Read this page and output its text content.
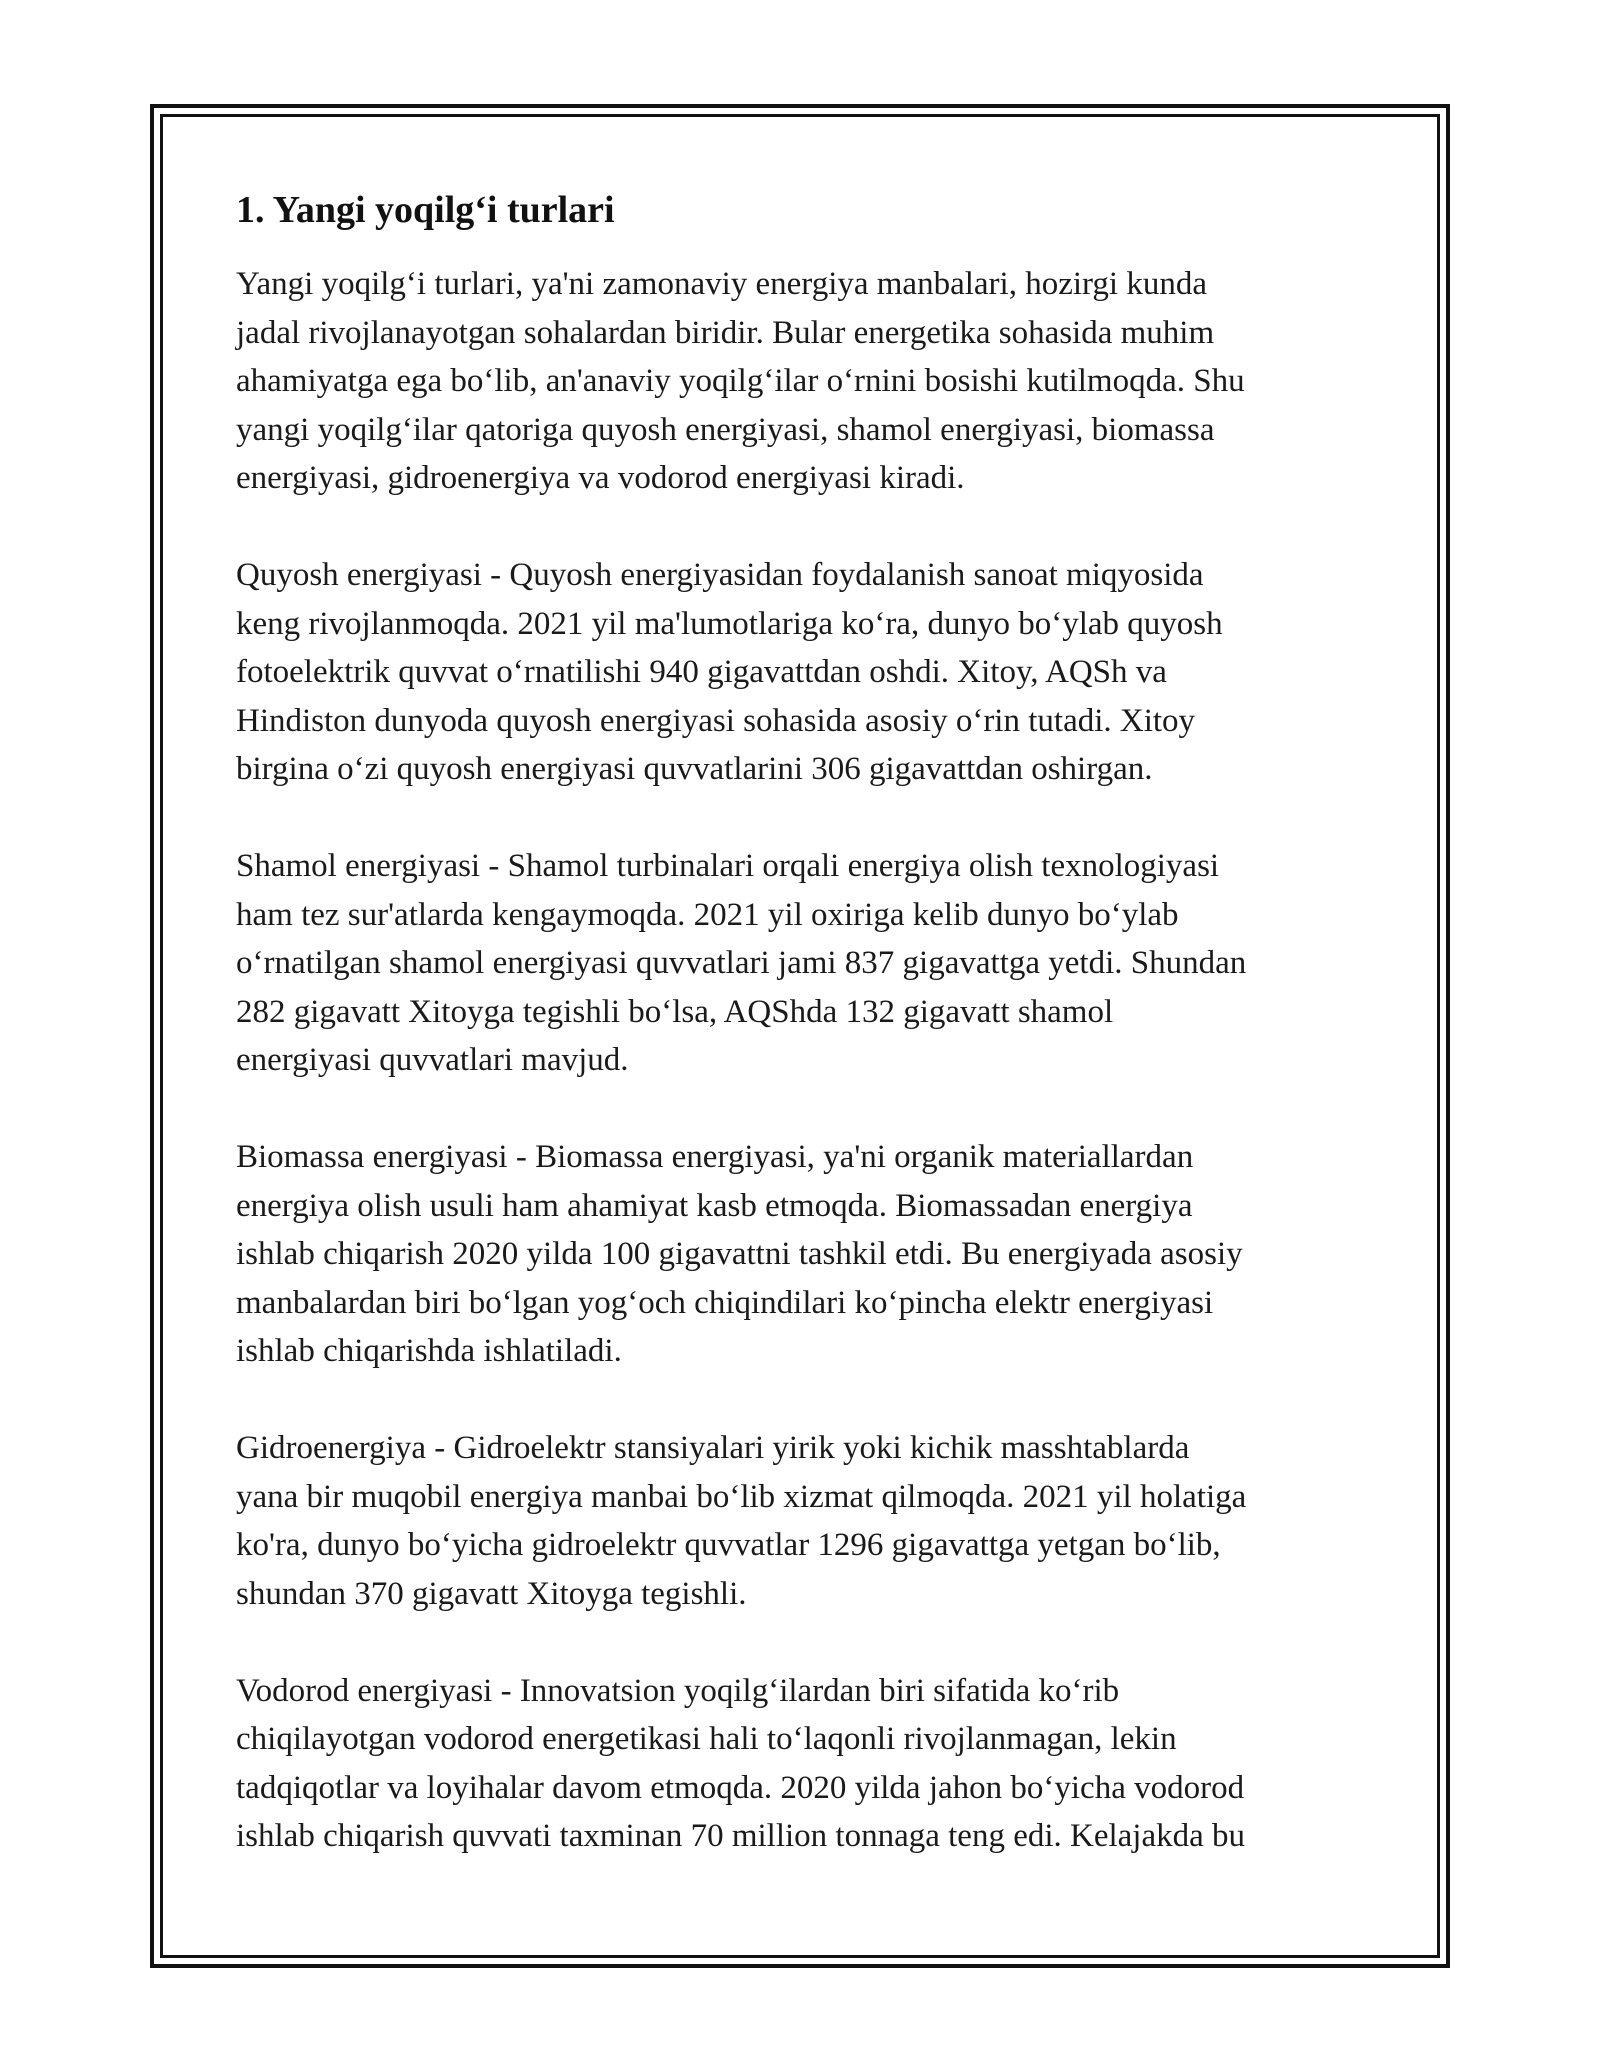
1. Yangi yoqilg‘i turlari

Yangi yoqilg‘i turlari, ya'ni zamonaviy energiya manbalari, hozirgi kunda
jadal rivojlanayotgan sohalardan biridir. Bular energetika sohasida muhim
ahamiyatga ega bo‘lib, an'anaviy yoqilg‘ilar o‘rnini bosishi kutilmoqda. Shu
yangi yoqilg‘ilar qatoriga quyosh energiyasi, shamol energiyasi, biomassa
energiyasi, gidroenergiya va vodorod energiyasi kiradi.

Quyosh energiyasi - Quyosh energiyasidan foydalanish sanoat miqyosida
keng rivojlanmoqda. 2021 yil ma'lumotlariga ko‘ra, dunyo bo‘ylab quyosh
fotoelektrik quvvat o‘rnatilishi 940 gigavattdan oshdi. Xitoy, AQSh va
Hindiston dunyoda quyosh energiyasi sohasida asosiy o‘rin tutadi. Xitoy
birgina o‘zi quyosh energiyasi quvvatlarini 306 gigavattdan oshirgan.

Shamol energiyasi - Shamol turbinalari orqali energiya olish texnologiyasi
ham tez sur'atlarda kengaymoqda. 2021 yil oxiriga kelib dunyo bo‘ylab
o‘rnatilgan shamol energiyasi quvvatlari jami 837 gigavattga yetdi. Shundan
282 gigavatt Xitoyga tegishli bo‘lsa, AQShda 132 gigavatt shamol
energiyasi quvvatlari mavjud.

Biomassa energiyasi - Biomassa energiyasi, ya'ni organik materiallardan
energiya olish usuli ham ahamiyat kasb etmoqda. Biomassadan energiya
ishlab chiqarish 2020 yilda 100 gigavattni tashkil etdi. Bu energiyada asosiy
manbalardan biri bo‘lgan yog‘och chiqindilari ko‘pincha elektr energiyasi
ishlab chiqarishda ishlatiladi.

Gidroenergiya - Gidroelektr stansiyalari yirik yoki kichik masshtablarda
yana bir muqobil energiya manbai bo‘lib xizmat qilmoqda. 2021 yil holatiga
ko'ra, dunyo bo‘yicha gidroelektr quvvatlar 1296 gigavattga yetgan bo‘lib,
shundan 370 gigavatt Xitoyga tegishli.

Vodorod energiyasi - Innovatsion yoqilg‘ilardan biri sifatida ko‘rib
chiqilayotgan vodorod energetikasi hali to‘laqonli rivojlanmagan, lekin
tadqiqotlar va loyihalar davom etmoqda. 2020 yilda jahon bo‘yicha vodorod
ishlab chiqarish quvvati taxminan 70 million tonnaga teng edi. Kelajakda bu
